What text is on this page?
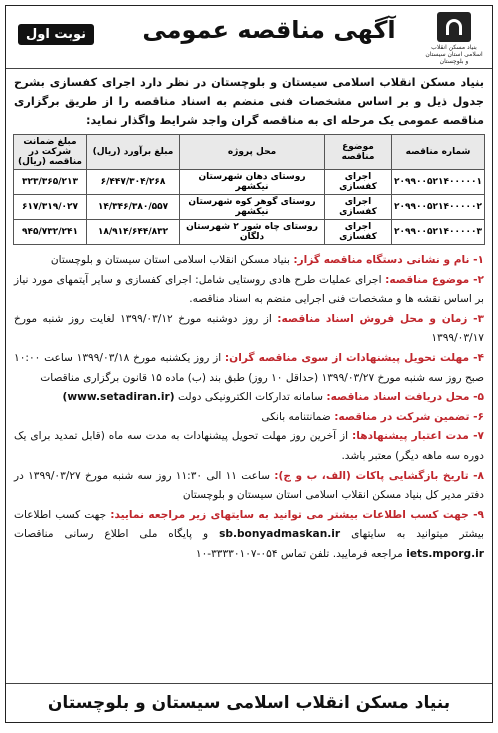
بنیاد مسکن انقلاب اسلامی استان سیستان و بلوچستان
آگهی مناقصه عمومی
نوبت اول
بنیاد مسکن انقلاب اسلامی سیستان و بلوچستان در نظر دارد اجرای کفسازی بشرح جدول ذیل و بر اساس مشخصات فنی منضم به اسناد مناقصه را از طریق برگزاری مناقصه عمومی یک مرحله ای به مناقصه گران واجد شرایط واگذار نماید:
شماره مناقصه	موضوع مناقصه	محل پروژه	مبلغ برآورد (ریال)	مبلغ ضمانت شرکت در مناقصه (ریال)
۲۰۹۹۰۰۵۲۱۴۰۰۰۰۰۱	اجرای کفسازی	روستای دهان شهرستان نیکشهر	۶/۴۴۷/۳۰۴/۲۶۸	۳۲۳/۳۶۵/۲۱۳
۲۰۹۹۰۰۵۲۱۴۰۰۰۰۰۲	اجرای کفسازی	روستای گوهر کوه شهرستان نیکشهر	۱۴/۳۴۶/۳۸۰/۵۵۷	۶۱۷/۳۱۹/۰۲۷
۲۰۹۹۰۰۵۲۱۴۰۰۰۰۰۳	اجرای کفسازی	روستای چاه شور ۲ شهرستان دلگان	۱۸/۹۱۴/۶۴۴/۸۳۲	۹۴۵/۷۳۲/۲۴۱

۱- نام و نشانی دستگاه مناقصه گزار: بنیاد مسکن انقلاب اسلامی استان سیستان و بلوچستان

۲- موضوع مناقصه: اجرای عملیات طرح هادی روستایی شامل: اجرای کفسازی و سایر آیتمهای مورد نیاز بر اساس نقشه ها و مشخصات فنی اجرایی منضم به اسناد مناقصه.

۳- زمان و محل فروش اسناد مناقصه: از روز دوشنبه مورخ ۱۳۹۹/۰۳/۱۲ لغایت روز شنبه مورخ ۱۳۹۹/۰۳/۱۷

۴- مهلت تحویل پیشنهادات از سوی مناقصه گران: از روز یکشنبه مورخ ۱۳۹۹/۰۳/۱۸ ساعت ۱۰:۰۰ صبح روز سه شنبه مورخ ۱۳۹۹/۰۳/۲۷ (حداقل ۱۰ روز) طبق بند (ب) ماده ۱۵ قانون برگزاری مناقصات

۵- محل دریافت اسناد مناقصه: سامانه تدارکات الکترونیکی دولت (www.setadiran.ir)

۶- تضمین شرکت در مناقصه: ضمانتنامه بانکی

۷- مدت اعتبار پیشنهادها: از آخرین روز مهلت تحویل پیشنهادات به مدت سه ماه (قابل تمدید برای یک دوره سه ماهه دیگر) معتبر باشد.

۸- تاریخ بازگشایی پاکات (الف، ب و ج): ساعت ۱۱ الی ۱۱:۳۰ روز سه شنبه مورخ ۱۳۹۹/۰۳/۲۷ در دفتر مدیر کل بنیاد مسکن انقلاب اسلامی استان سیستان و بلوچستان

۹- جهت کسب اطلاعات بیشتر می توانید به سایتهای زیر مراجعه نمایید: جهت کسب اطلاعات بیشتر میتوانید به سایتهای sb.bonyadmaskan.ir و پایگاه ملی اطلاع رسانی مناقصات iets.mporg.ir مراجعه فرمایید. تلفن تماس ۰۵۴-۳۳۳۳۰۱۰۷-۱۰

بنیاد مسکن انقلاب اسلامی سیستان و بلوچستان
